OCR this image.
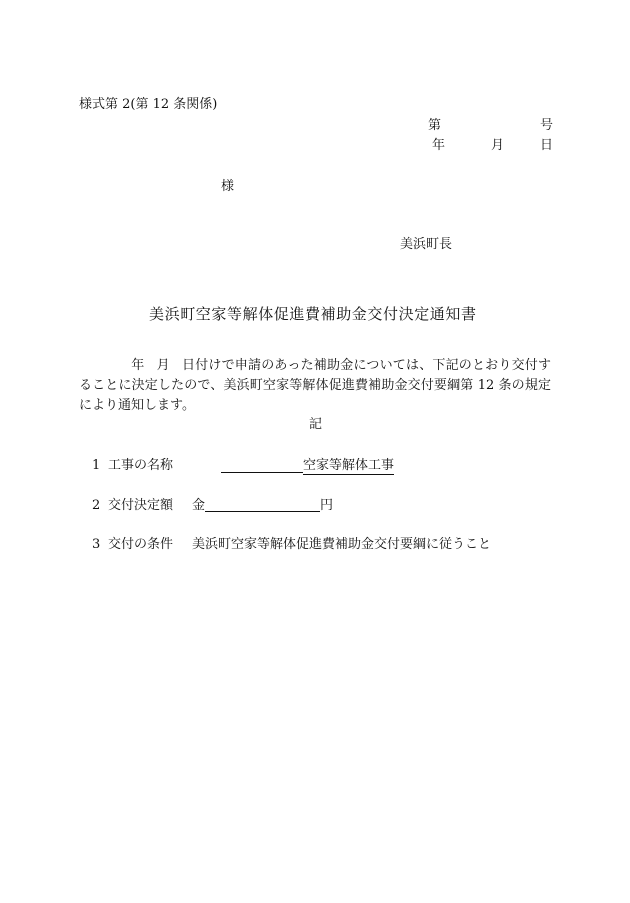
様式第 2(第 12 条関係)
第	号
年	月	日
様
美浜町長
美浜町空家等解体促進費補助金交付決定通知書
年 月 日付けで申請のあった補助金については、下記のとおり交付することに決定したので、美浜町空家等解体促進費補助金交付要綱第 12 条の規定により通知します。
記
1 工事の名称	空家等解体工事
2 交付決定額 金	円
3 交付の条件 美浜町空家等解体促進費補助金交付要綱に従うこと
